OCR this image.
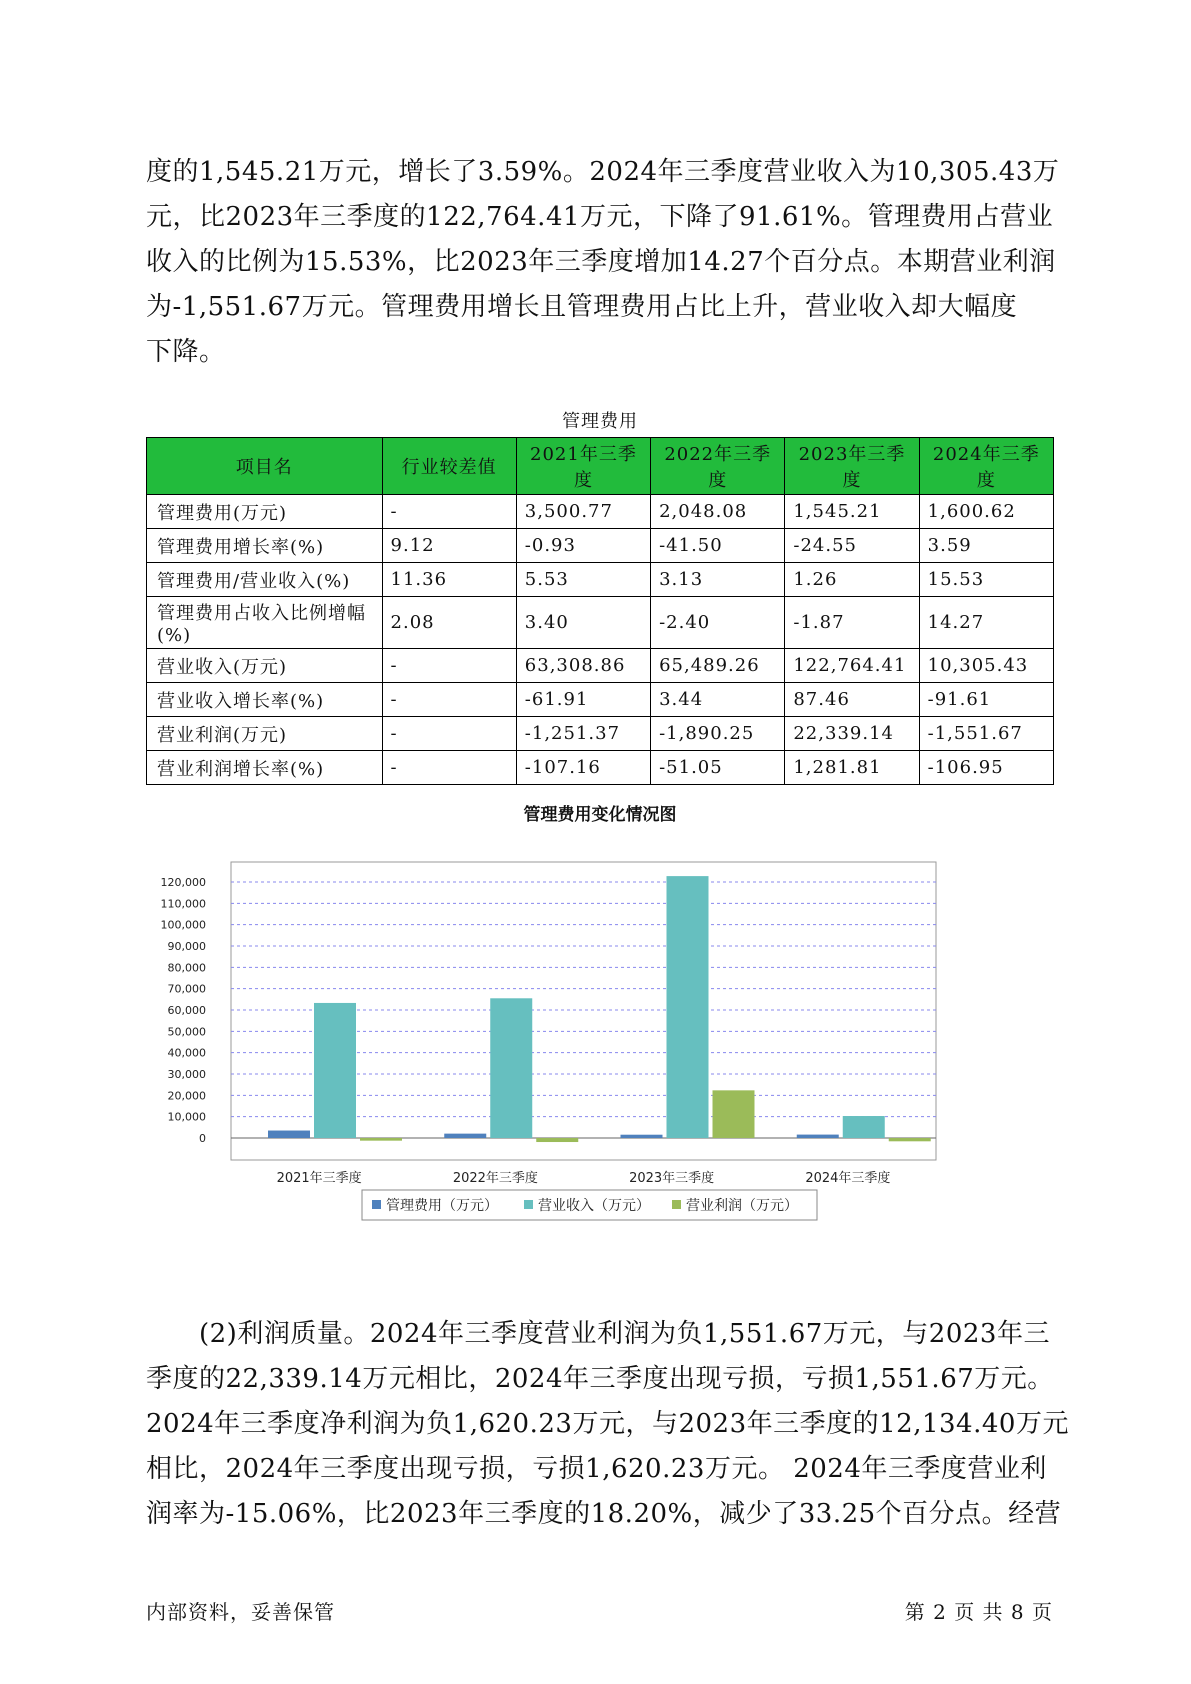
度的1,545.21万元，增长了3.59%。2024年三季度营业收入为10,305.43万
元，比2023年三季度的122,764.41万元，下降了91.61%。管理费用占营业
收入的比例为15.53%，比2023年三季度增加14.27个百分点。本期营业利润
为-1,551.67万元。管理费用增长且管理费用占比上升，营业收入却大幅度
下降。
管理费用
项目名	行业较差值	2021年三季度	2022年三季度	2023年三季度	2024年三季度
管理费用(万元)	-	3,500.77	2,048.08	1,545.21	1,600.62
管理费用增长率(%)	9.12	-0.93	-41.50	-24.55	3.59
管理费用/营业收入(%)	11.36	5.53	3.13	1.26	15.53
管理费用占收入比例增幅(%)	2.08	3.40	-2.40	-1.87	14.27
营业收入(万元)	-	63,308.86	65,489.26	122,764.41	10,305.43
营业收入增长率(%)	-	-61.91	3.44	87.46	-91.61
营业利润(万元)	-	-1,251.37	-1,890.25	22,339.14	-1,551.67
营业利润增长率(%)	-	-107.16	-51.05	1,281.81	-106.95
管理费用变化情况图
120,000
110,000
100,000
90,000
80,000
70,000
60,000
50,000
40,000
30,000
20,000
10,000
0
2021年三季度	2022年三季度	2023年三季度	2024年三季度
管理费用（万元）	营业收入（万元）	营业利润（万元）
　　(2)利润质量。2024年三季度营业利润为负1,551.67万元，与2023年三
季度的22,339.14万元相比，2024年三季度出现亏损，亏损1,551.67万元。
2024年三季度净利润为负1,620.23万元，与2023年三季度的12,134.40万元
相比，2024年三季度出现亏损，亏损1,620.23万元。 2024年三季度营业利
润率为-15.06%，比2023年三季度的18.20%，减少了33.25个百分点。经营
内部资料，妥善保管	第 2 页 共 8 页
